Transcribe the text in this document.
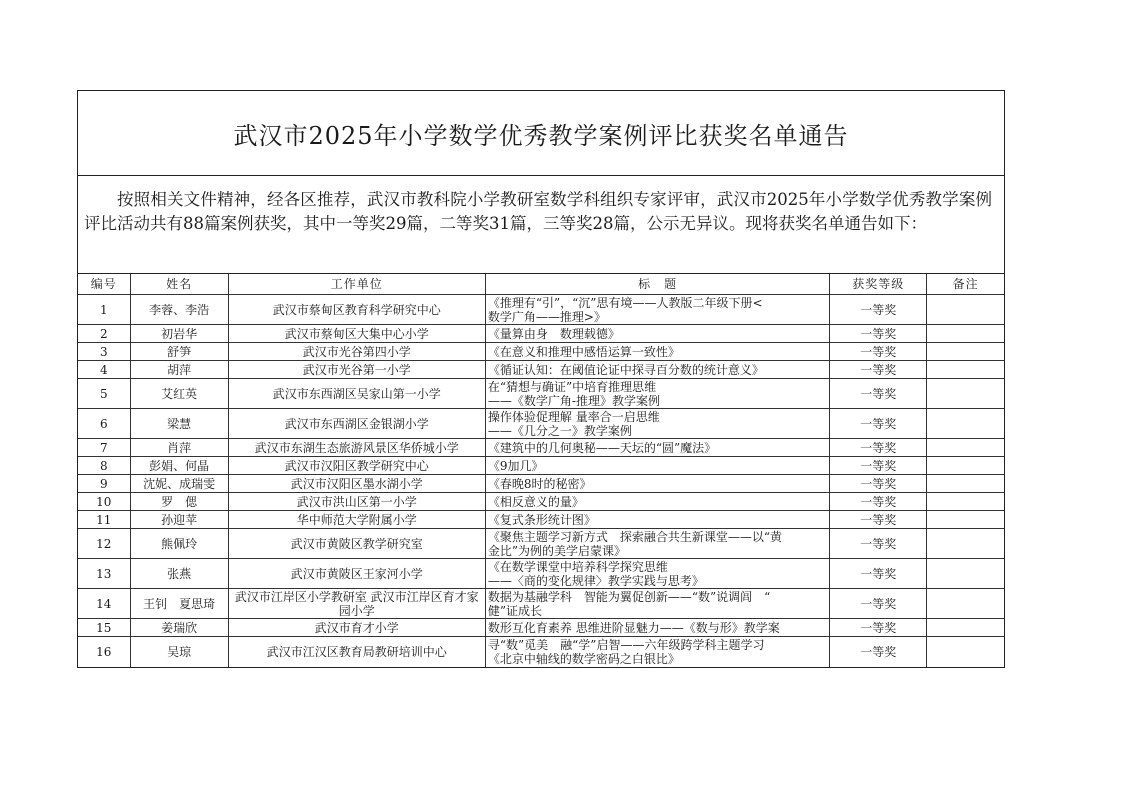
武汉市2025年小学数学优秀教学案例评比获奖名单通告
按照相关文件精神，经各区推荐，武汉市教科院小学教研室数学科组织专家评审，武汉市2025年小学数学优秀教学案例评比活动共有88篇案例获奖，其中一等奖29篇，二等奖31篇，三等奖28篇，公示无异议。现将获奖名单通告如下：
编号	姓名	工作单位	标　题	获奖等级	备注
1	李蓉、李浩	武汉市蔡甸区教育科学研究中心	《推理有“引”，“沉”思有境——人教版二年级下册<
数学广角——推理>》	一等奖	
2	初岩华	武汉市蔡甸区大集中心小学	《量算由身　数理载德》	一等奖	
3	舒笋	武汉市光谷第四小学	《在意义和推理中感悟运算一致性》	一等奖	
4	胡萍	武汉市光谷第一小学	《循证认知：在阈值论证中探寻百分数的统计意义》	一等奖	
5	艾红英	武汉市东西湖区吴家山第一小学	在“猜想与确证”中培育推理思维
——《数学广角-推理》教学案例	一等奖	
6	梁慧	武汉市东西湖区金银湖小学	操作体验促理解 量率合一启思维
——《几分之一》教学案例	一等奖	
7	肖萍	武汉市东湖生态旅游风景区华侨城小学	《建筑中的几何奥秘——天坛的“圆”魔法》	一等奖	
8	彭娟、何晶	武汉市汉阳区教学研究中心	《9加几》	一等奖	
9	沈妮、成瑞雯	武汉市汉阳区墨水湖小学	《春晚8时的秘密》	一等奖	
10	罗　偲	武汉市洪山区第一小学	《相反意义的量》	一等奖	
11	孙迎苹	华中师范大学附属小学	《复式条形统计图》	一等奖	
12	熊佩玲	武汉市黄陂区教学研究室	《聚焦主题学习新方式　探索融合共生新课堂——以“黄
金比”为例的美学启蒙课》	一等奖	
13	张燕	武汉市黄陂区王家河小学	《在数学课堂中培养科学探究思维
——〈商的变化规律〉教学实践与思考》	一等奖	
14	王钊　夏思琦	武汉市江岸区小学教研室 武汉市江岸区育才家园小学	数据为基融学科　智能为翼促创新——“数”说调闾　“
健”证成长	一等奖	
15	姜瑞欣	武汉市育才小学	数形互化育素养 思维进阶显魅力——《数与形》教学案	一等奖	
16	吴琼	武汉市江汉区教育局教研培训中心	寻“数”觅美　融“学”启智——六年级跨学科主题学习
《北京中轴线的数学密码之白银比》	一等奖	
